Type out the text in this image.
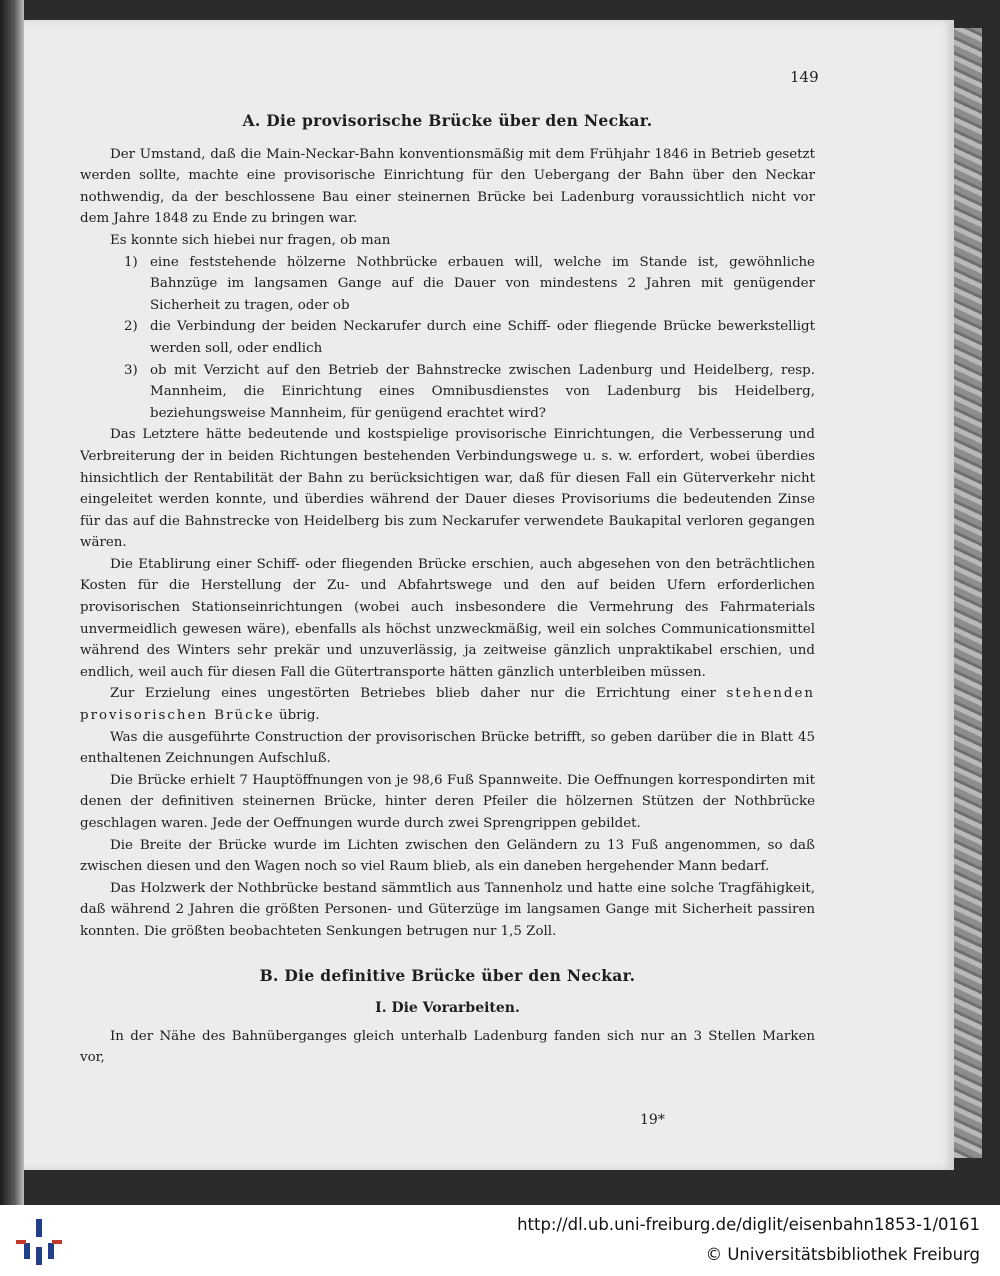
149
A. Die provisorische Brücke über den Neckar.

Der Umstand, daß die Main-Neckar-Bahn konventionsmäßig mit dem Frühjahr 1846 in Betrieb gesetzt werden sollte, machte eine provisorische Einrichtung für den Uebergang der Bahn über den Neckar nothwendig, da der beschlossene Bau einer steinernen Brücke bei Ladenburg voraussichtlich nicht vor dem Jahre 1848 zu Ende zu bringen war.

Es konnte sich hiebei nur fragen, ob man

1) eine feststehende hölzerne Nothbrücke erbauen will, welche im Stande ist, gewöhnliche Bahnzüge im langsamen Gange auf die Dauer von mindestens 2 Jahren mit genügender Sicherheit zu tragen, oder ob
2) die Verbindung der beiden Neckarufer durch eine Schiff- oder fliegende Brücke bewerkstelligt werden soll, oder endlich
3) ob mit Verzicht auf den Betrieb der Bahnstrecke zwischen Ladenburg und Heidelberg, resp. Mannheim, die Einrichtung eines Omnibusdienstes von Ladenburg bis Heidelberg, beziehungsweise Mannheim, für genügend erachtet wird?

Das Letztere hätte bedeutende und kostspielige provisorische Einrichtungen, die Verbesserung und Verbreiterung der in beiden Richtungen bestehenden Verbindungswege u. s. w. erfordert, wobei überdies hinsichtlich der Rentabilität der Bahn zu berücksichtigen war, daß für diesen Fall ein Güterverkehr nicht eingeleitet werden konnte, und überdies während der Dauer dieses Provisoriums die bedeutenden Zinse für das auf die Bahnstrecke von Heidelberg bis zum Neckarufer verwendete Baukapital verloren gegangen wären.

Die Etablirung einer Schiff- oder fliegenden Brücke erschien, auch abgesehen von den beträchtlichen Kosten für die Herstellung der Zu- und Abfahrtswege und den auf beiden Ufern erforderlichen provisorischen Stationseinrichtungen (wobei auch insbesondere die Vermehrung des Fahrmaterials unvermeidlich gewesen wäre), ebenfalls als höchst unzweckmäßig, weil ein solches Communicationsmittel während des Winters sehr prekär und unzuverlässig, ja zeitweise gänzlich unpraktikabel erschien, und endlich, weil auch für diesen Fall die Gütertransporte hätten gänzlich unterbleiben müssen.

Zur Erzielung eines ungestörten Betriebes blieb daher nur die Errichtung einer stehenden provisorischen Brücke übrig.

Was die ausgeführte Construction der provisorischen Brücke betrifft, so geben darüber die in Blatt 45 enthaltenen Zeichnungen Aufschluß.

Die Brücke erhielt 7 Hauptöffnungen von je 98,6 Fuß Spannweite. Die Oeffnungen korrespondirten mit denen der definitiven steinernen Brücke, hinter deren Pfeiler die hölzernen Stützen der Nothbrücke geschlagen waren. Jede der Oeffnungen wurde durch zwei Sprengrippen gebildet.

Die Breite der Brücke wurde im Lichten zwischen den Geländern zu 13 Fuß angenommen, so daß zwischen diesen und den Wagen noch so viel Raum blieb, als ein daneben hergehender Mann bedarf.

Das Holzwerk der Nothbrücke bestand sämmtlich aus Tannenholz und hatte eine solche Tragfähigkeit, daß während 2 Jahren die größten Personen- und Güterzüge im langsamen Gange mit Sicherheit passiren konnten. Die größten beobachteten Senkungen betrugen nur 1,5 Zoll.

B. Die definitive Brücke über den Neckar.
I. Die Vorarbeiten.

In der Nähe des Bahnüberganges gleich unterhalb Ladenburg fanden sich nur an 3 Stellen Marken vor,

19*
http://dl.ub.uni-freiburg.de/diglit/eisenbahn1853-1/0161
© Universitätsbibliothek Freiburg
